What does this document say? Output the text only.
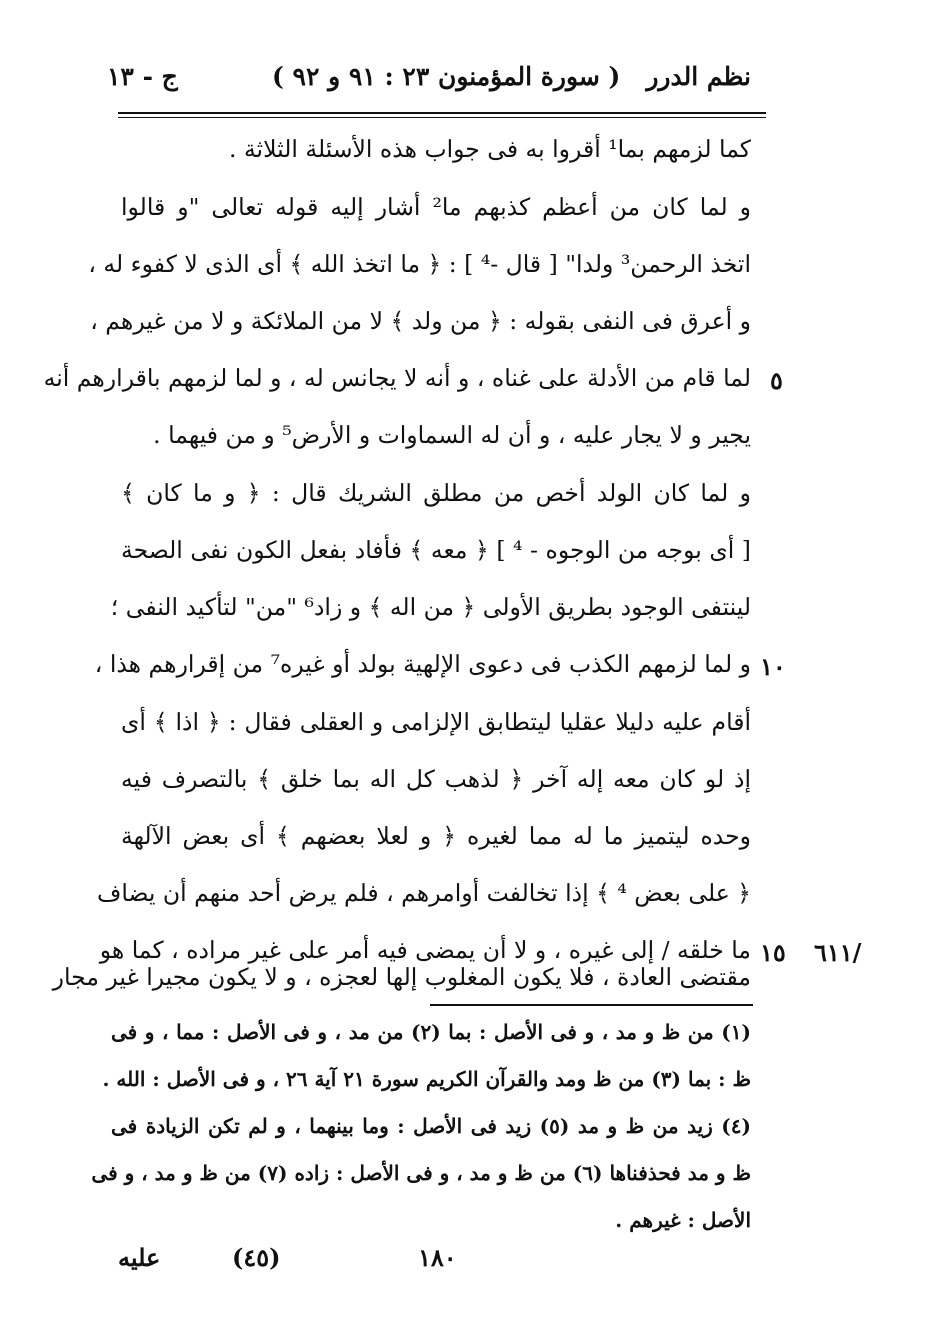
نظم الدرر
( سورة المؤمنون ٢٣ : ٩١ و ٩٢ )
ج - ١٣
كما لزمهم بما¹ أقروا به فى جواب هذه الأسئلة الثلاثة .
و لما كان من أعظم كذبهم ما² أشار إليه قوله تعالى "و قالوا
اتخذ الرحمن³ ولدا" [ قال -⁴ ] : ﴿ ما اتخذ الله ﴾ أى الذى لا كفوء له ،
و أعرق فى النفى بقوله : ﴿ من ولد ﴾ لا من الملائكة و لا من غيرهم ،
لما قام من الأدلة على غناه ، و أنه لا يجانس له ، و لما لزمهم باقرارهم أنه
يجير و لا يجار عليه ، و أن له السماوات و الأرض⁵ و من فيهما .
و لما كان الولد أخص من مطلق الشريك قال : ﴿ و ما كان ﴾
[ أى بوجه من الوجوه - ⁴ ] ﴿ معه ﴾ فأفاد بفعل الكون نفى الصحة
لينتفى الوجود بطريق الأولى ﴿ من اله ﴾ و زاد⁶ "من" لتأكيد النفى ؛
و لما لزمهم الكذب فى دعوى الإلهية بولد أو غيره⁷ من إقرارهم هذا ،
أقام عليه دليلا عقليا ليتطابق الإلزامى و العقلى فقال : ﴿ اذا ﴾ أى
إذ لو كان معه إله آخر ﴿ لذهب كل اله بما خلق ﴾ بالتصرف فيه
وحده ليتميز ما له مما لغيره ﴿ و لعلا بعضهم ﴾ أى بعض الآلهة
﴿ على بعض ⁴ ﴾ إذا تخالفت أوامرهم ، فلم يرض أحد منهم أن يضاف
ما خلقه / إلى غيره ، و لا أن يمضى فيه أمر على غير مراده ، كما هو
مقتضى العادة ، فلا يكون المغلوب إلها لعجزه ، و لا يكون مجيرا غير مجار
٥
١٠
١٥ ٦١١/
(١) من ظ و مد ، و فى الأصل : بما (٢) من مد ، و فى الأصل : مما ، و فى
ظ : بما (٣) من ظ ومد والقرآن الكريم سورة ٢١ آية ٢٦ ، و فى الأصل : الله .
(٤) زيد من ظ و مد (٥) زيد فى الأصل : وما بينهما ، و لم تكن الزيادة فى
ظ و مد فحذفناها (٦) من ظ و مد ، و فى الأصل : زاده (٧) من ظ و مد ، و فى
الأصل : غيرهم .
عليه	(٤٥)	١٨٠
